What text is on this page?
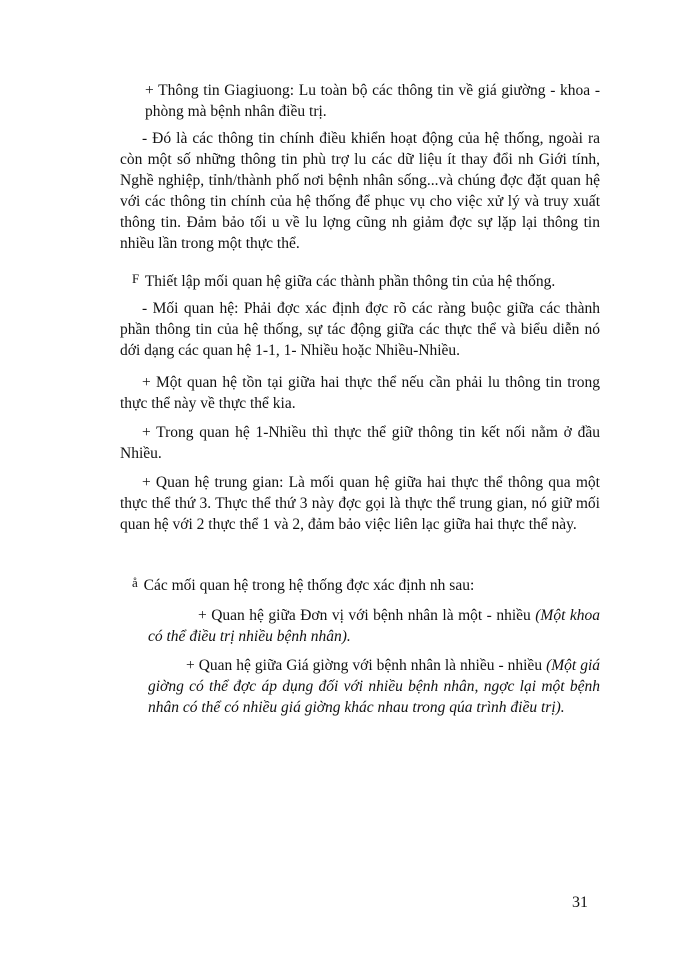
+ Thông tin Giagiuong: Lu toàn bộ các thông tin về giá giường - khoa - phòng mà bệnh nhân điều trị.

- Đó là các thông tin chính điều khiển hoạt động của hệ thống, ngoài ra còn một số những thông tin phù trợ lu các dữ liệu ít thay đổi nh Giới tính, Nghề nghiệp, tỉnh/thành phố nơi bệnh nhân sống...và chúng đợc đặt quan hệ với các thông tin chính của hệ thống để phục vụ cho việc xử lý và truy xuất thông tin. Đảm bảo tối u về lu lợng cũng nh giảm đợc sự lặp lại thông tin nhiều lần trong một thực thể.

F Thiết lập mối quan hệ giữa các thành phần thông tin của hệ thống.

- Mối quan hệ: Phải đợc xác định đợc rõ các ràng buộc giữa các thành phần thông tin của hệ thống, sự tác động giữa các thực thể và biểu diễn nó dới dạng các quan hệ 1-1, 1- Nhiều hoặc Nhiều-Nhiều.

+ Một quan hệ tồn tại giữa hai thực thể nếu cần phải lu thông tin trong thực thể này về thực thể kia.

+ Trong quan hệ 1-Nhiều thì thực thể giữ thông tin kết nối nằm ở đầu Nhiều.

+ Quan hệ trung gian: Là mối quan hệ giữa hai thực thể thông qua một thực thể thứ 3. Thực thể thứ 3 này đợc gọi là thực thể trung gian, nó giữ mối quan hệ với 2 thực thể 1 và 2, đảm bảo việc liên lạc giữa hai thực thể này.

å Các mối quan hệ trong hệ thống đợc xác định nh sau:

+ Quan hệ giữa Đơn vị với bệnh nhân là một - nhiều (Một khoa có thể điều trị nhiều bệnh nhân).

+ Quan hệ giữa Giá giờng với bệnh nhân là nhiều - nhiều (Một giá giờng có thể đợc áp dụng đối với nhiều bệnh nhân, ngợc lại một bệnh nhân có thể có nhiều giá giờng khác nhau trong qúa trình điều trị).

31
